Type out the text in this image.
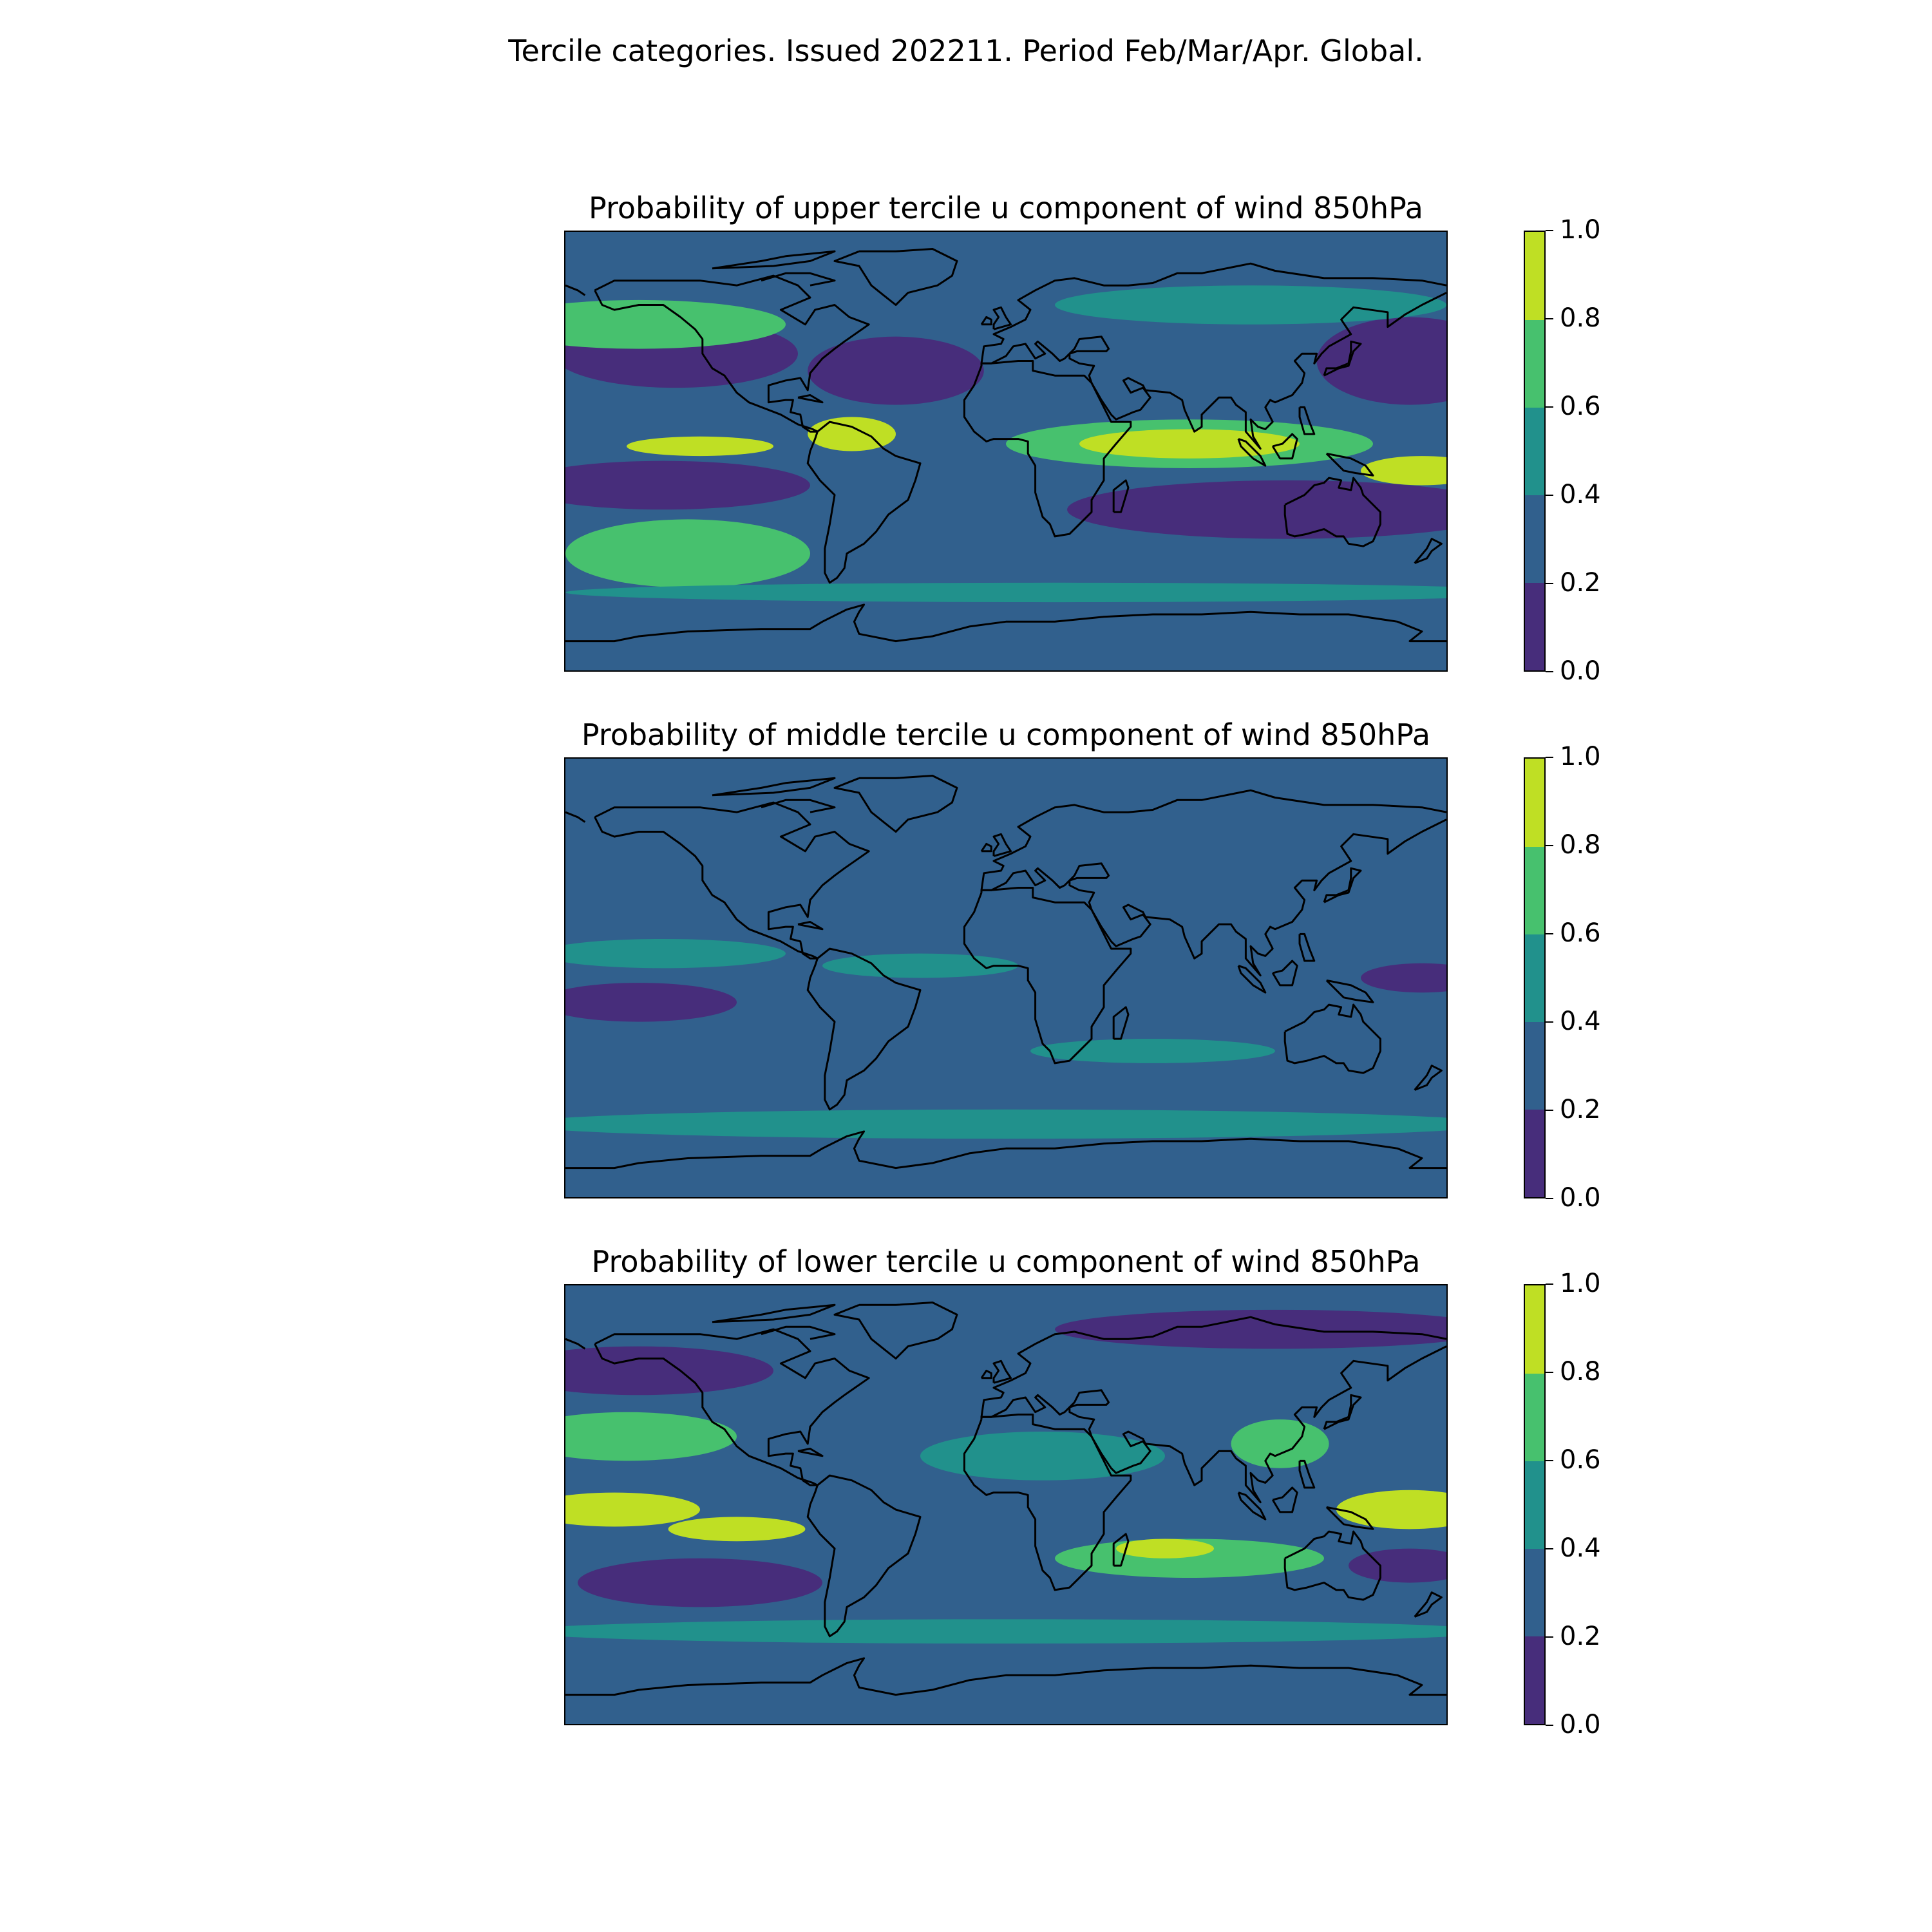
Tercile categories. Issued 202211. Period Feb/Mar/Apr. Global.
Probability of upper tercile u component of wind 850hPa
0.0
0.2
0.4
0.6
0.8
1.0
Probability of middle tercile u component of wind 850hPa
0.0
0.2
0.4
0.6
0.8
1.0
Probability of lower tercile u component of wind 850hPa
0.0
0.2
0.4
0.6
0.8
1.0
